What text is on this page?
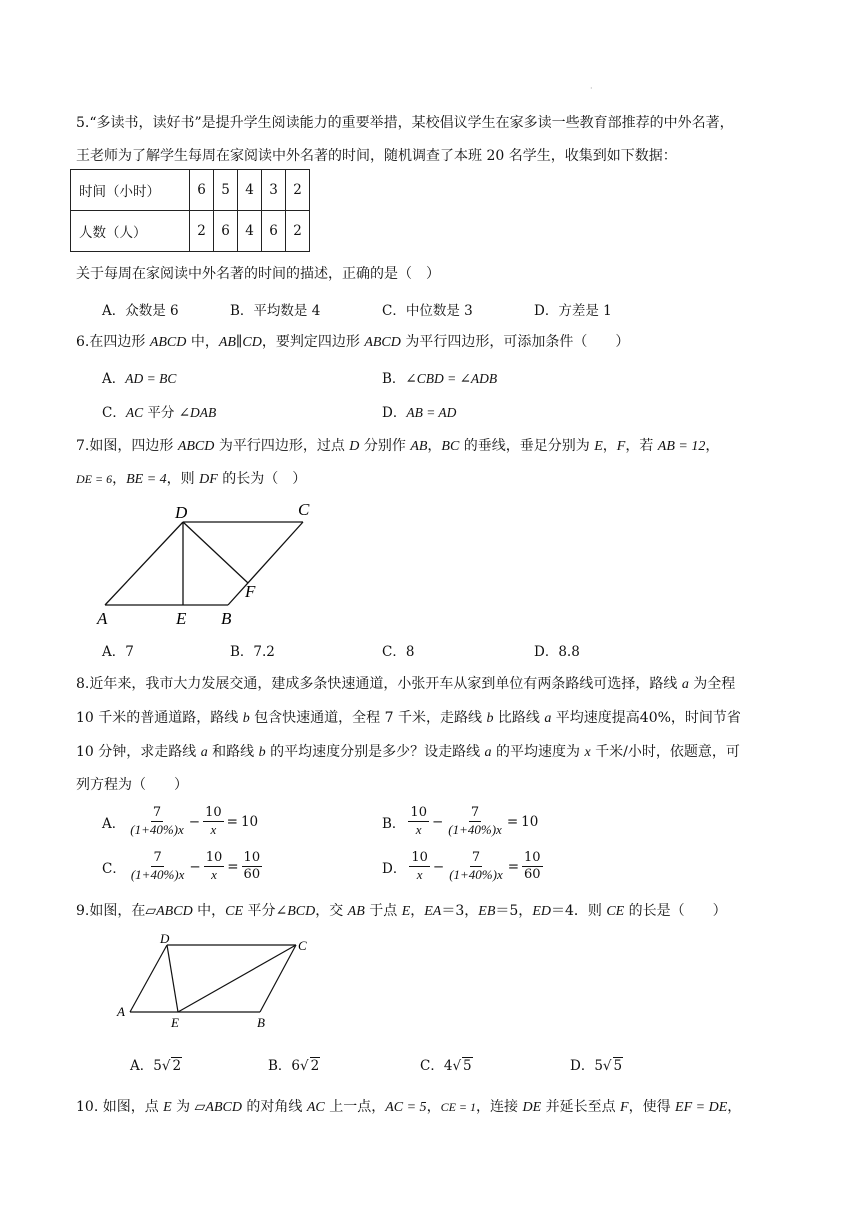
·
5.“多读书，读好书”是提升学生阅读能力的重要举措，某校倡议学生在家多读一些教育部推荐的中外名著，
王老师为了解学生每周在家阅读中外名著的时间，随机调查了本班 20 名学生，收集到如下数据：
时间（小时）	6	5	4	3	2
人数（人）	2	6	4	6	2
关于每周在家阅读中外名著的时间的描述，正确的是（　）
A．众数是 6	B．平均数是 4	C．中位数是 3	D．方差是 1
6.在四边形 ABCD 中，AB∥CD，要判定四边形 ABCD 为平行四边形，可添加条件（　　）
A．AD = BC	B．∠CBD = ∠ADB
C．AC 平分 ∠DAB	D．AB = AD
7.如图，四边形 ABCD 为平行四边形，过点 D 分别作 AB，BC 的垂线，垂足分别为 E，F，若 AB = 12，
DE = 6，BE = 4，则 DF 的长为（　）
A
D	C
E B
F
A．7	B．7.2	C．8	D．8.8
8.近年来，我市大力发展交通，建成多条快速通道，小张开车从家到单位有两条路线可选择，路线 a 为全程
10 千米的普通道路，路线 b 包含快速通道，全程 7 千米，走路线 b 比路线 a 平均速度提高40%，时间节省
10 分钟，求走路线 a 和路线 b 的平均速度分别是多少？设走路线 a 的平均速度为 x 千米/小时，依题意，可
列方程为（　　）
A． $\frac{7}{(1+40\%)x} - \frac{10}{x} = 10$	B． $\frac{10}{x} - \frac{7}{(1+40\%)x} = 10$
C． $\frac{7}{(1+40\%)x} - \frac{10}{x} = \frac{10}{60}$	D． $\frac{10}{x} - \frac{7}{(1+40\%)x} = \frac{10}{60}$
9.如图，在▱ABCD 中，CE 平分∠BCD，交 AB 于点 E，EA＝3，EB＝5，ED＝4．则 CE 的长是（　　）
A
D	C
E	B
A．5√ 2	B．6√ 2	C．4√ 5	D．5√ 5
10. 如图，点 E 为 ▱ABCD 的对角线 AC 上一点，AC = 5，CE = 1，连接 DE 并延长至点 F，使得 EF = DE，
